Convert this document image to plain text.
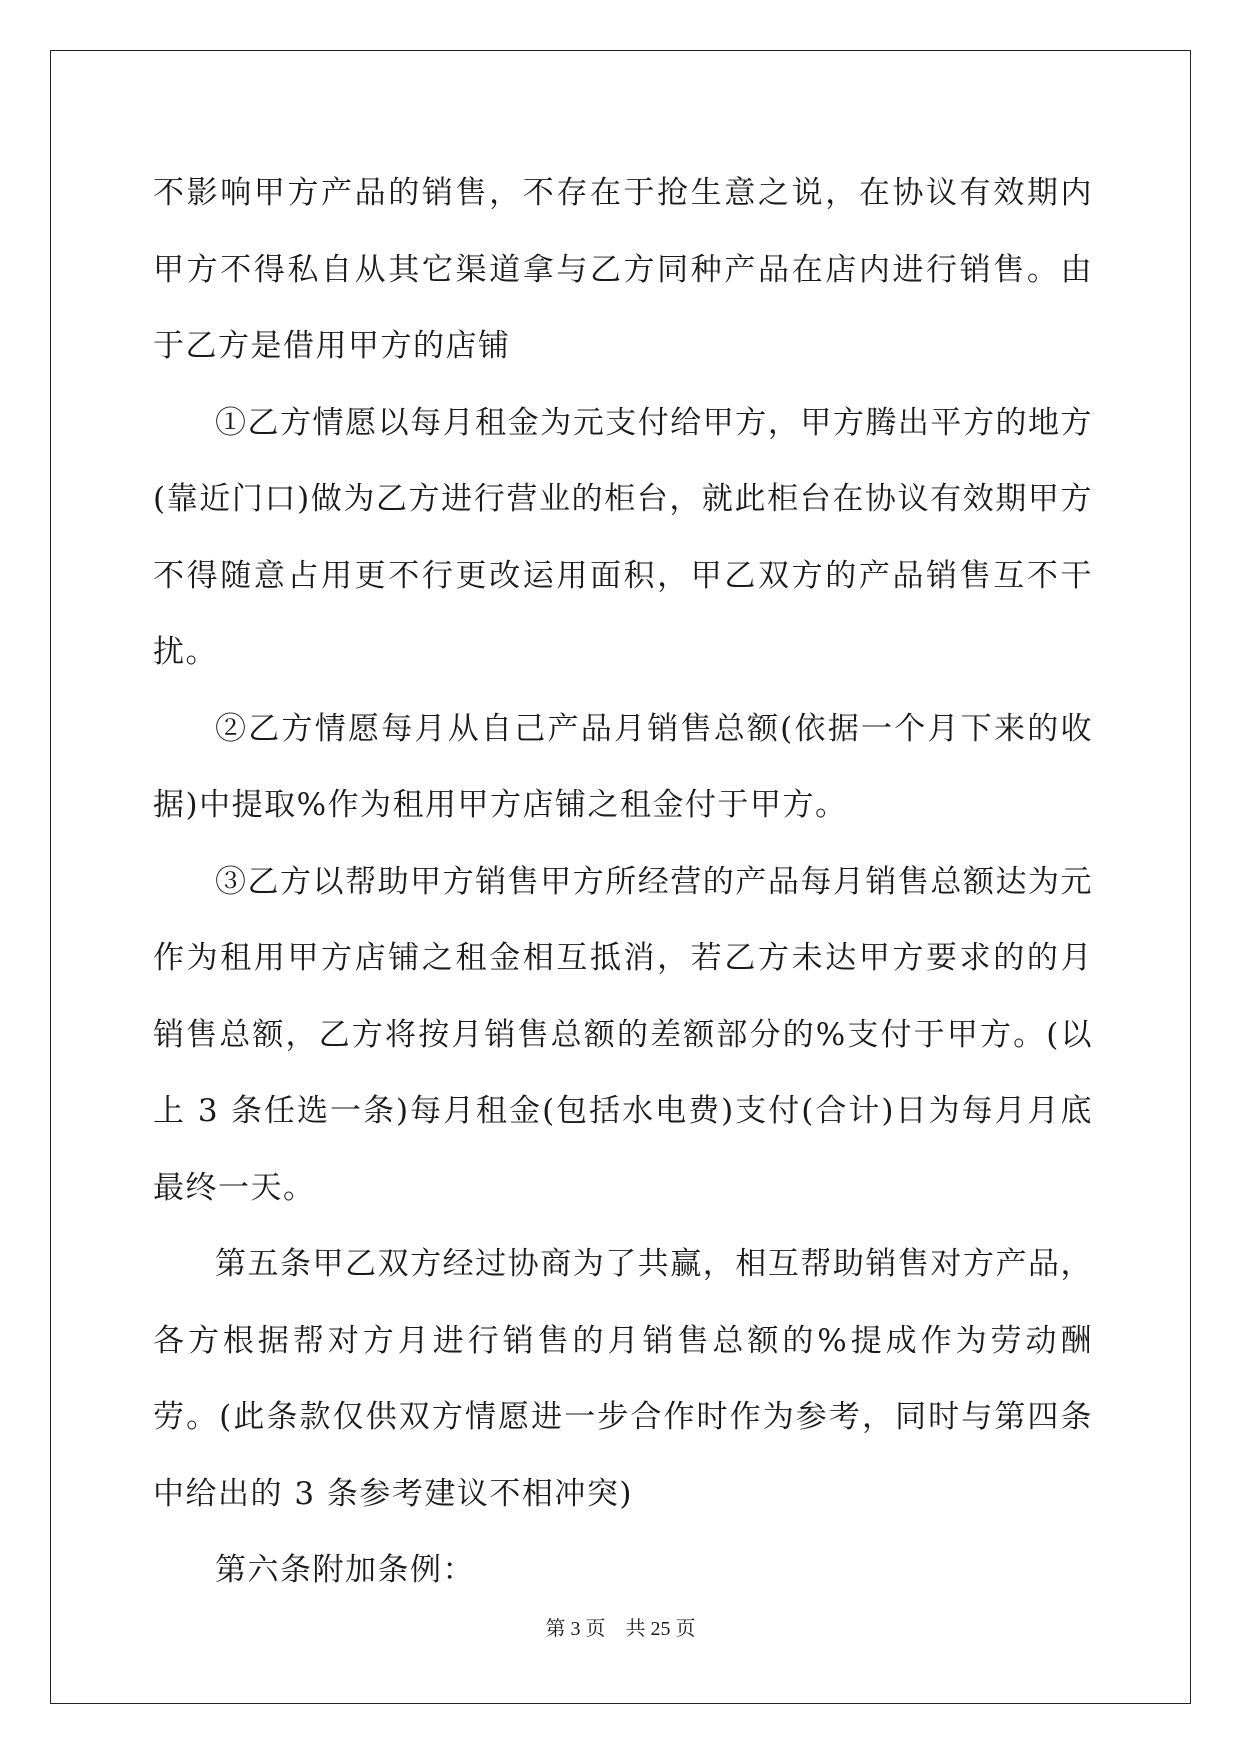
不影响甲方产品的销售，不存在于抢生意之说，在协议有效期内甲方不得私自从其它渠道拿与乙方同种产品在店内进行销售。由于乙方是借用甲方的店铺

①乙方情愿以每月租金为元支付给甲方，甲方腾出平方的地方(靠近门口)做为乙方进行营业的柜台，就此柜台在协议有效期甲方不得随意占用更不行更改运用面积，甲乙双方的产品销售互不干扰。

②乙方情愿每月从自己产品月销售总额(依据一个月下来的收据)中提取%作为租用甲方店铺之租金付于甲方。

③乙方以帮助甲方销售甲方所经营的产品每月销售总额达为元作为租用甲方店铺之租金相互抵消，若乙方未达甲方要求的的月销售总额，乙方将按月销售总额的差额部分的%支付于甲方。(以上 3 条任选一条)每月租金(包括水电费)支付(合计)日为每月月底最终一天。

第五条甲乙双方经过协商为了共赢，相互帮助销售对方产品，各方根据帮对方月进行销售的月销售总额的%提成作为劳动酬劳。(此条款仅供双方情愿进一步合作时作为参考，同时与第四条中给出的 3 条参考建议不相冲突)

第六条附加条例：

第 3 页　共 25 页
